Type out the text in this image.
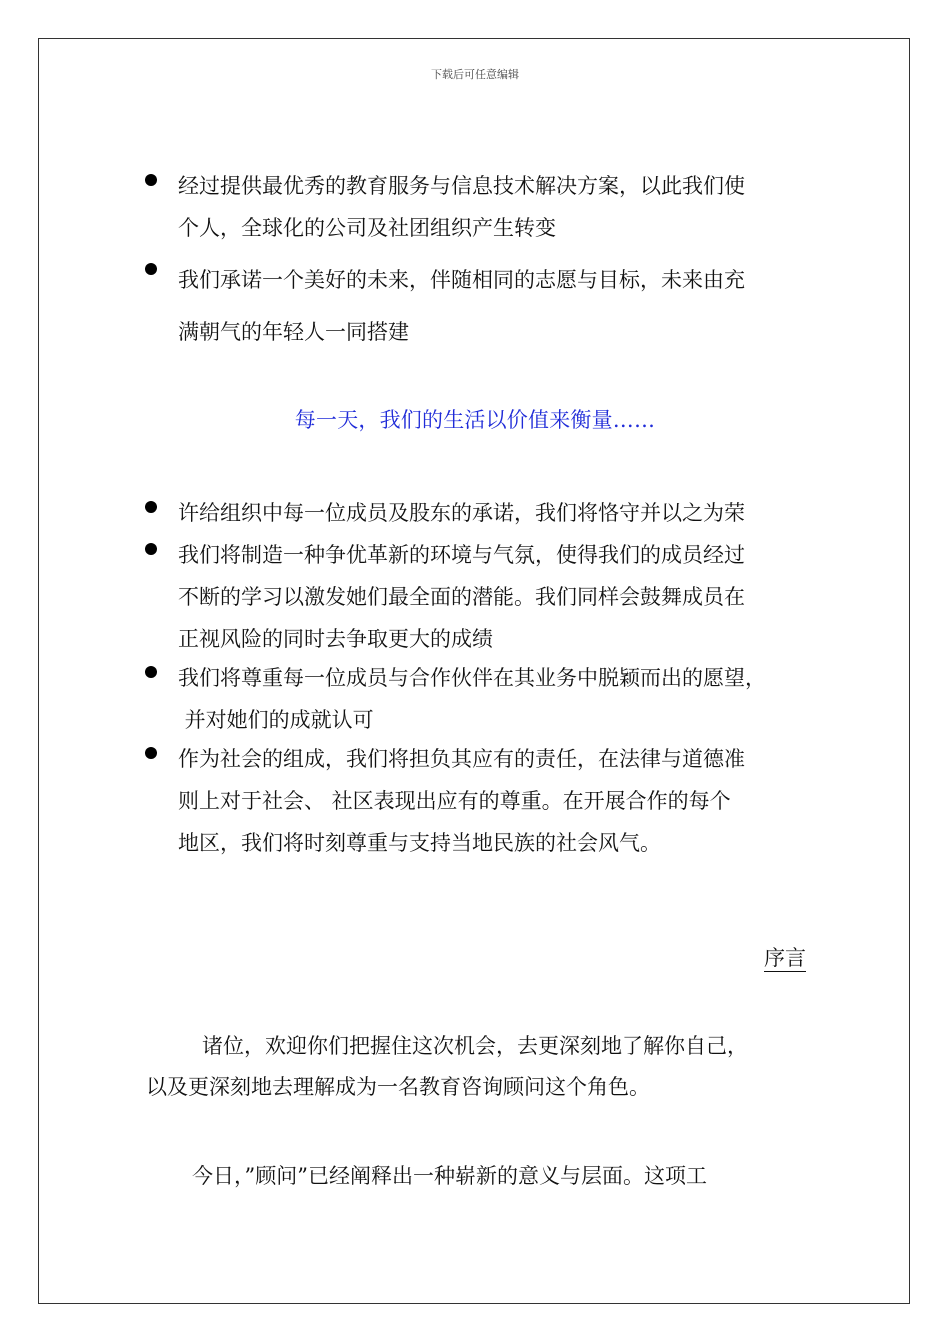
下载后可任意编辑
经过提供最优秀的教育服务与信息技术解决方案，以此我们使
个人，全球化的公司及社团组织产生转变
我们承诺一个美好的未来，伴随相同的志愿与目标，未来由充
满朝气的年轻人一同搭建
每一天，我们的生活以价值来衡量……
许给组织中每一位成员及股东的承诺，我们将恪守并以之为荣
我们将制造一种争优革新的环境与气氛，使得我们的成员经过
不断的学习以激发她们最全面的潜能。我们同样会鼓舞成员在
正视风险的同时去争取更大的成绩
我们将尊重每一位成员与合作伙伴在其业务中脱颖而出的愿望，
并对她们的成就认可
作为社会的组成，我们将担负其应有的责任，在法律与道德准
则上对于社会、 社区表现出应有的尊重。在开展合作的每个
地区，我们将时刻尊重与支持当地民族的社会风气。
序言
诸位，欢迎你们把握住这次机会，去更深刻地了解你自己，
以及更深刻地去理解成为一名教育咨询顾问这个角色。
今日，”顾问”已经阐释出一种崭新的意义与层面。这项工
